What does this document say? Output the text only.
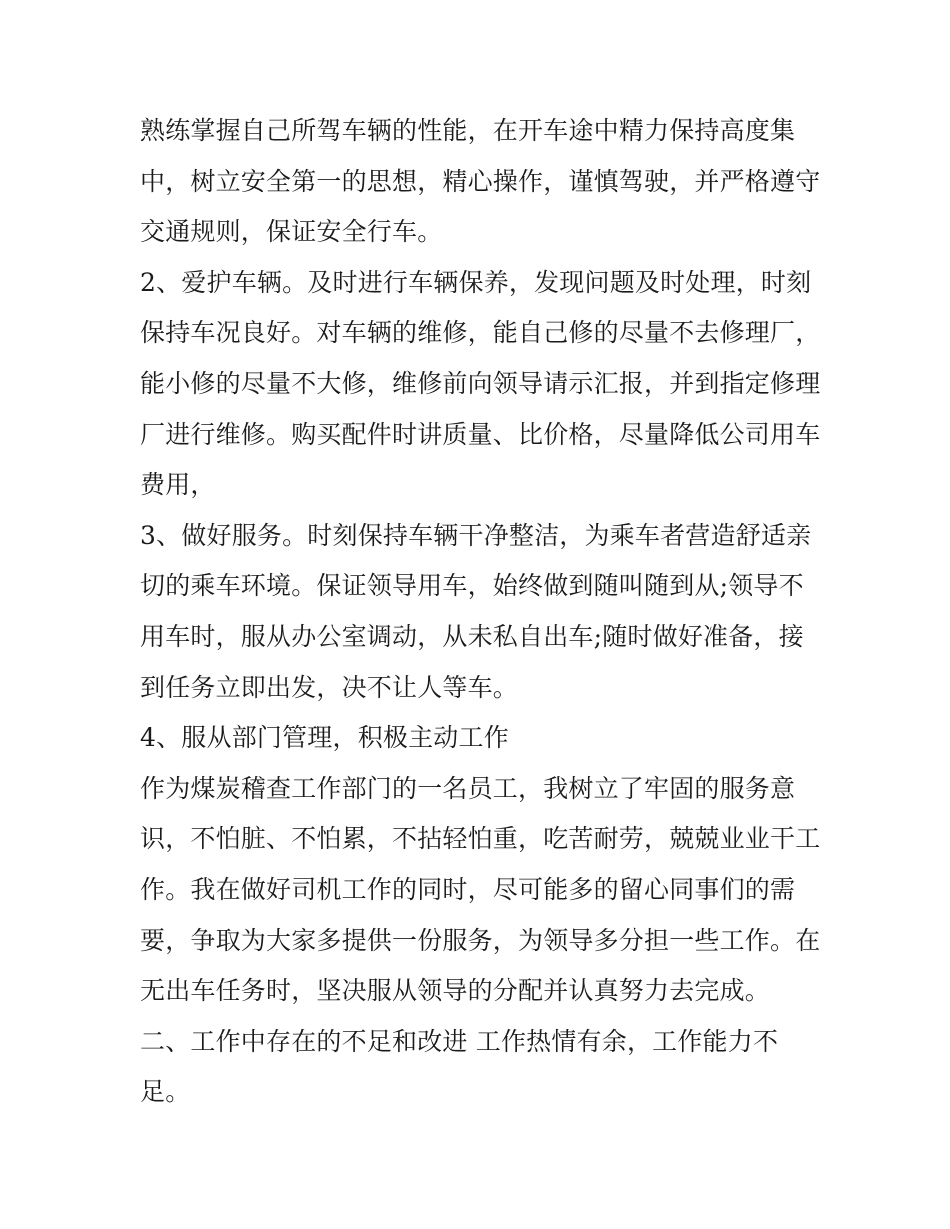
熟练掌握自己所驾车辆的性能，在开车途中精力保持高度集
中，树立安全第一的思想，精心操作，谨慎驾驶，并严格遵守
交通规则，保证安全行车。
2、爱护车辆。及时进行车辆保养，发现问题及时处理，时刻
保持车况良好。对车辆的维修，能自己修的尽量不去修理厂，
能小修的尽量不大修，维修前向领导请示汇报，并到指定修理
厂进行维修。购买配件时讲质量、比价格，尽量降低公司用车
费用，
3、做好服务。时刻保持车辆干净整洁，为乘车者营造舒适亲
切的乘车环境。保证领导用车，始终做到随叫随到从;领导不
用车时，服从办公室调动，从未私自出车;随时做好准备，接
到任务立即出发，决不让人等车。
4、服从部门管理，积极主动工作
作为煤炭稽查工作部门的一名员工，我树立了牢固的服务意
识，不怕脏、不怕累，不拈轻怕重，吃苦耐劳，兢兢业业干工
作。我在做好司机工作的同时，尽可能多的留心同事们的需
要，争取为大家多提供一份服务，为领导多分担一些工作。在
无出车任务时，坚决服从领导的分配并认真努力去完成。
二、工作中存在的不足和改进 工作热情有余，工作能力不
足。
